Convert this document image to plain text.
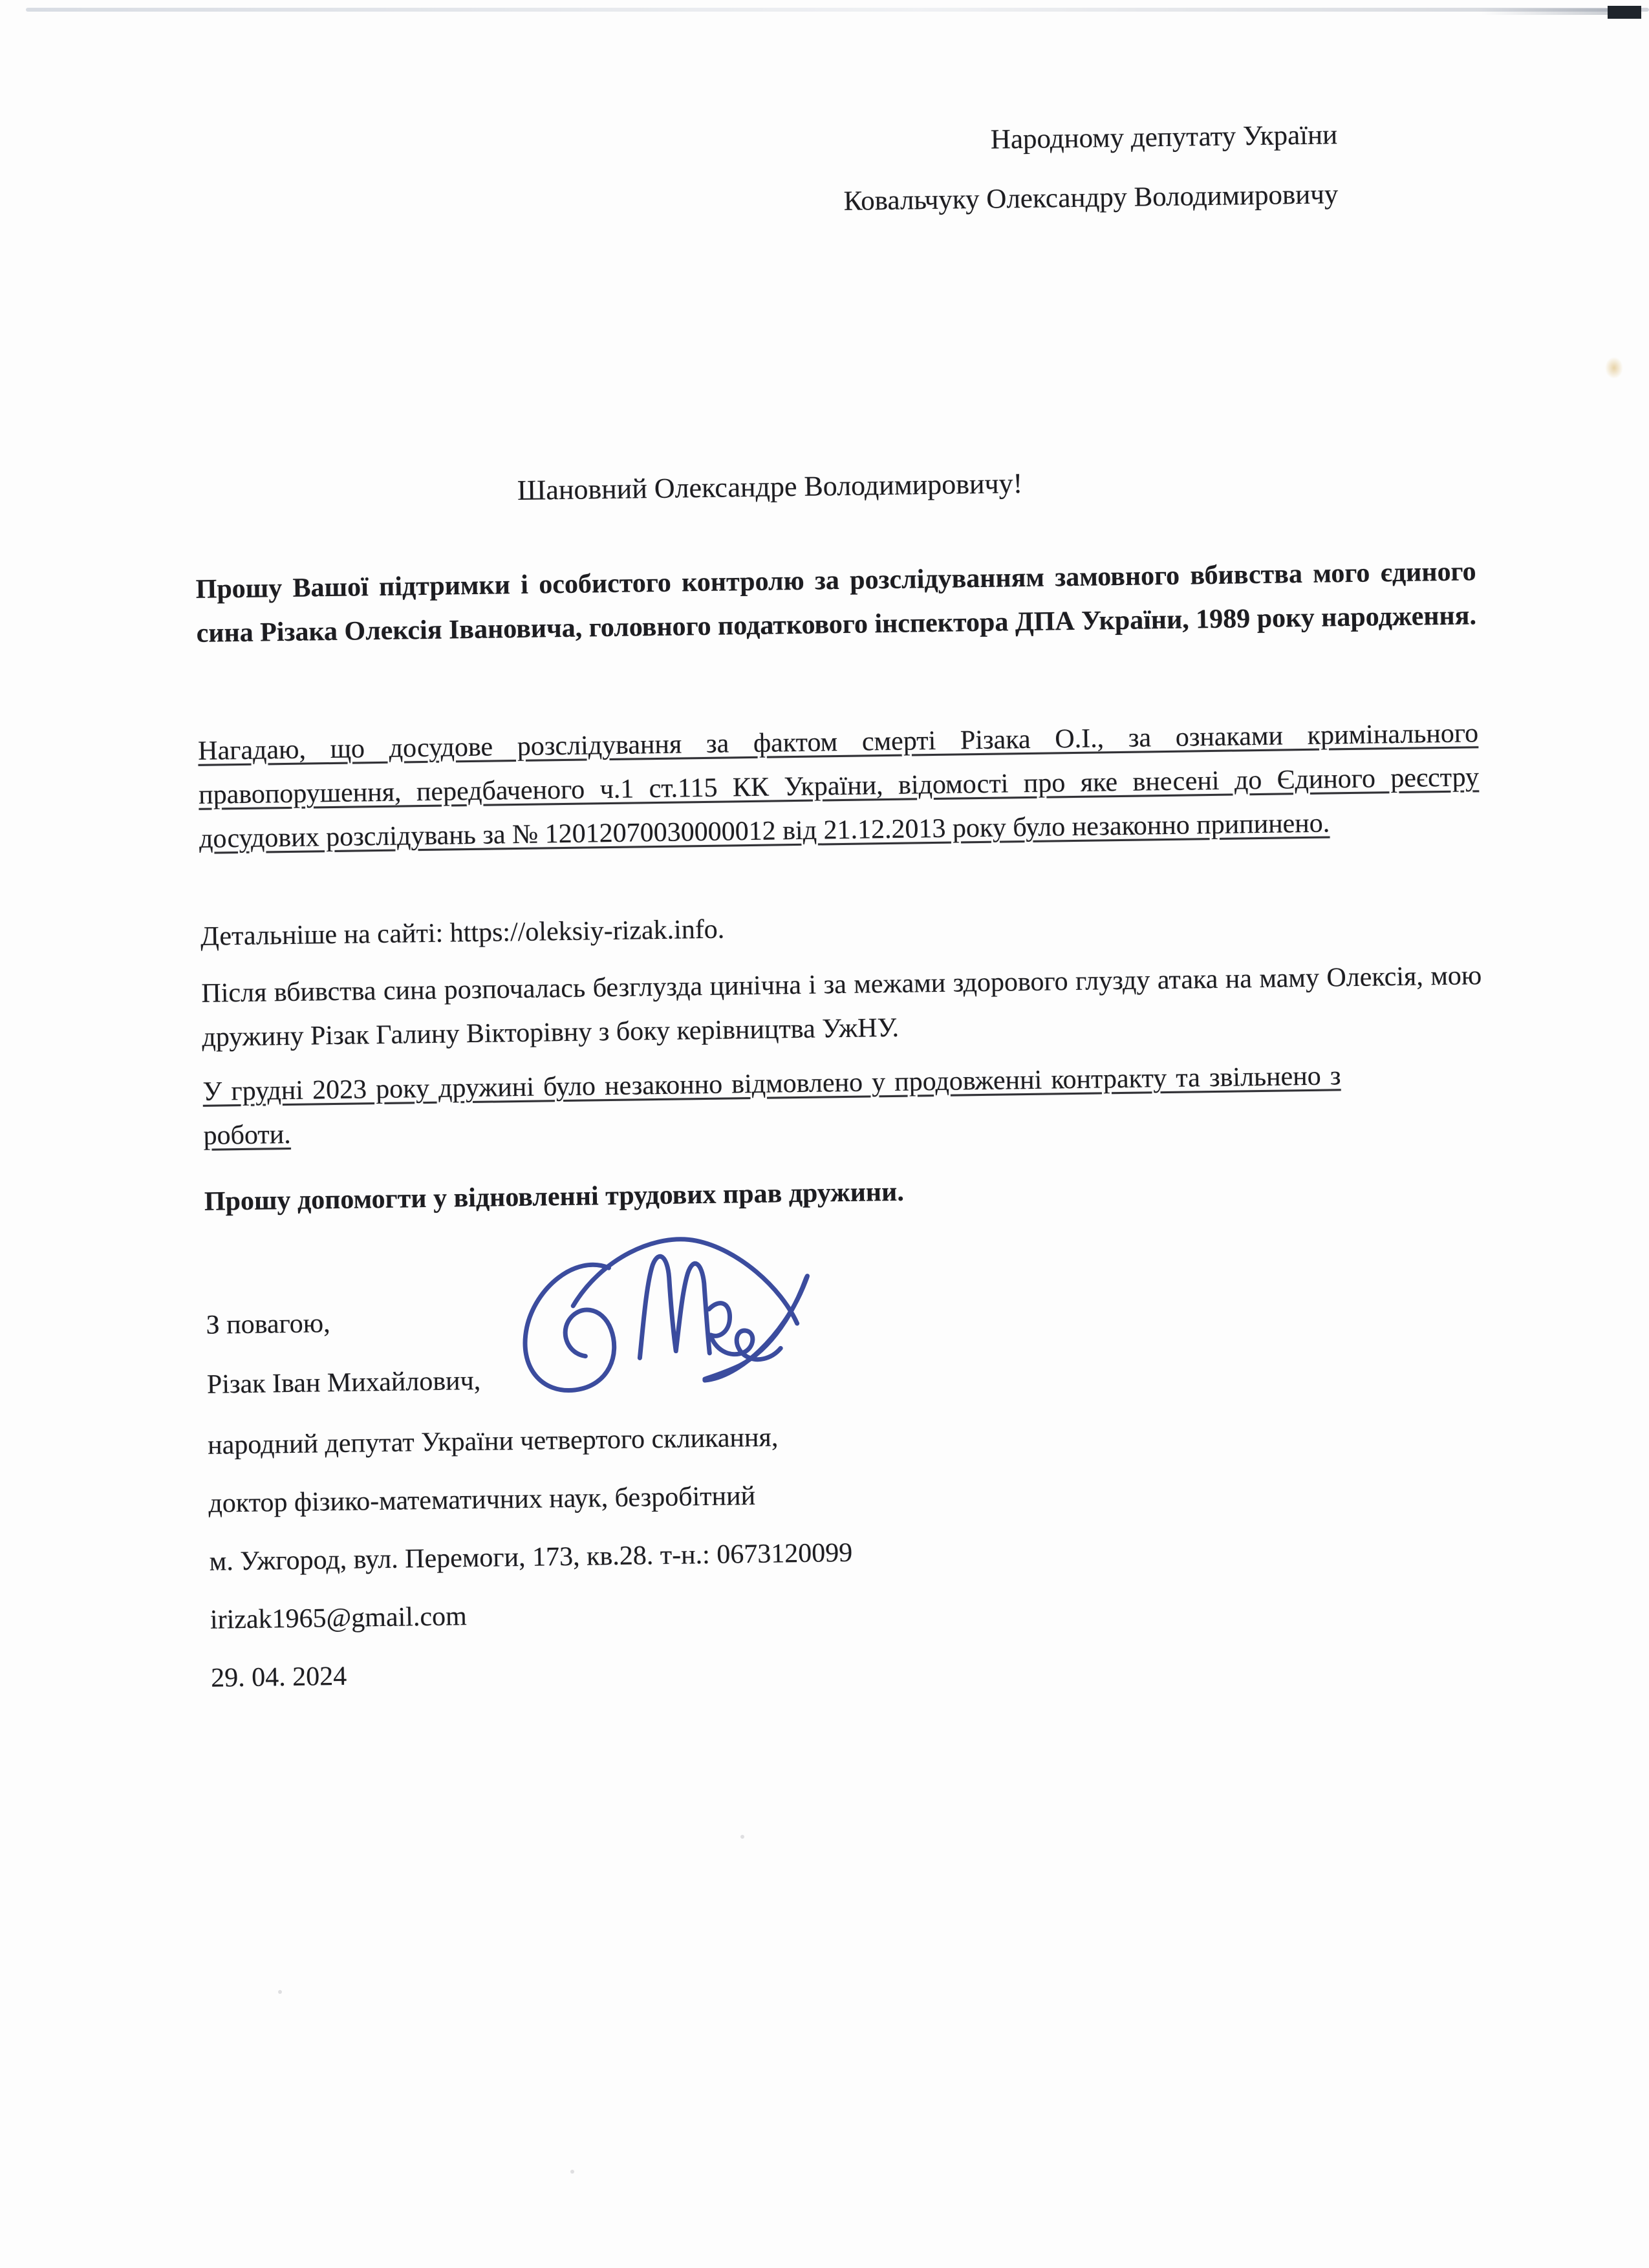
Народному депутату України
Ковальчуку Олександру Володимировичу
Шановний Олександре Володимировичу!
Прошу Вашої підтримки і особистого контролю за розслідуванням замовного вбивства мого єдиного сина Різака Олексія Івановича, головного податкового інспектора ДПА України, 1989 року народження.
Нагадаю, що досудове розслідування за фактом смерті Різака О.І., за ознаками кримінального правопорушення, передбаченого ч.1 ст.115 КК України, відомості про яке внесені до Єдиного реєстру досудових розслідувань за № 12012070030000012 від 21.12.2013 року було незаконно припинено.
Детальніше на сайті: https://oleksiy-rizak.info.
Після вбивства сина розпочалась безглузда цинічна і за межами здорового глузду атака на маму Олексія, мою дружину Різак Галину Вікторівну з боку керівництва УжНУ.
У грудні 2023 року дружині було незаконно відмовлено у продовженні контракту та звільнено з роботи.
Прошу допомогти у відновленні трудових прав дружини.
З повагою,
Різак Іван Михайлович,
народний депутат України четвертого скликання,
доктор фізико-математичних наук, безробітний
м. Ужгород, вул. Перемоги, 173, кв.28. т-н.: 0673120099
irizak1965@gmail.com
29. 04. 2024
